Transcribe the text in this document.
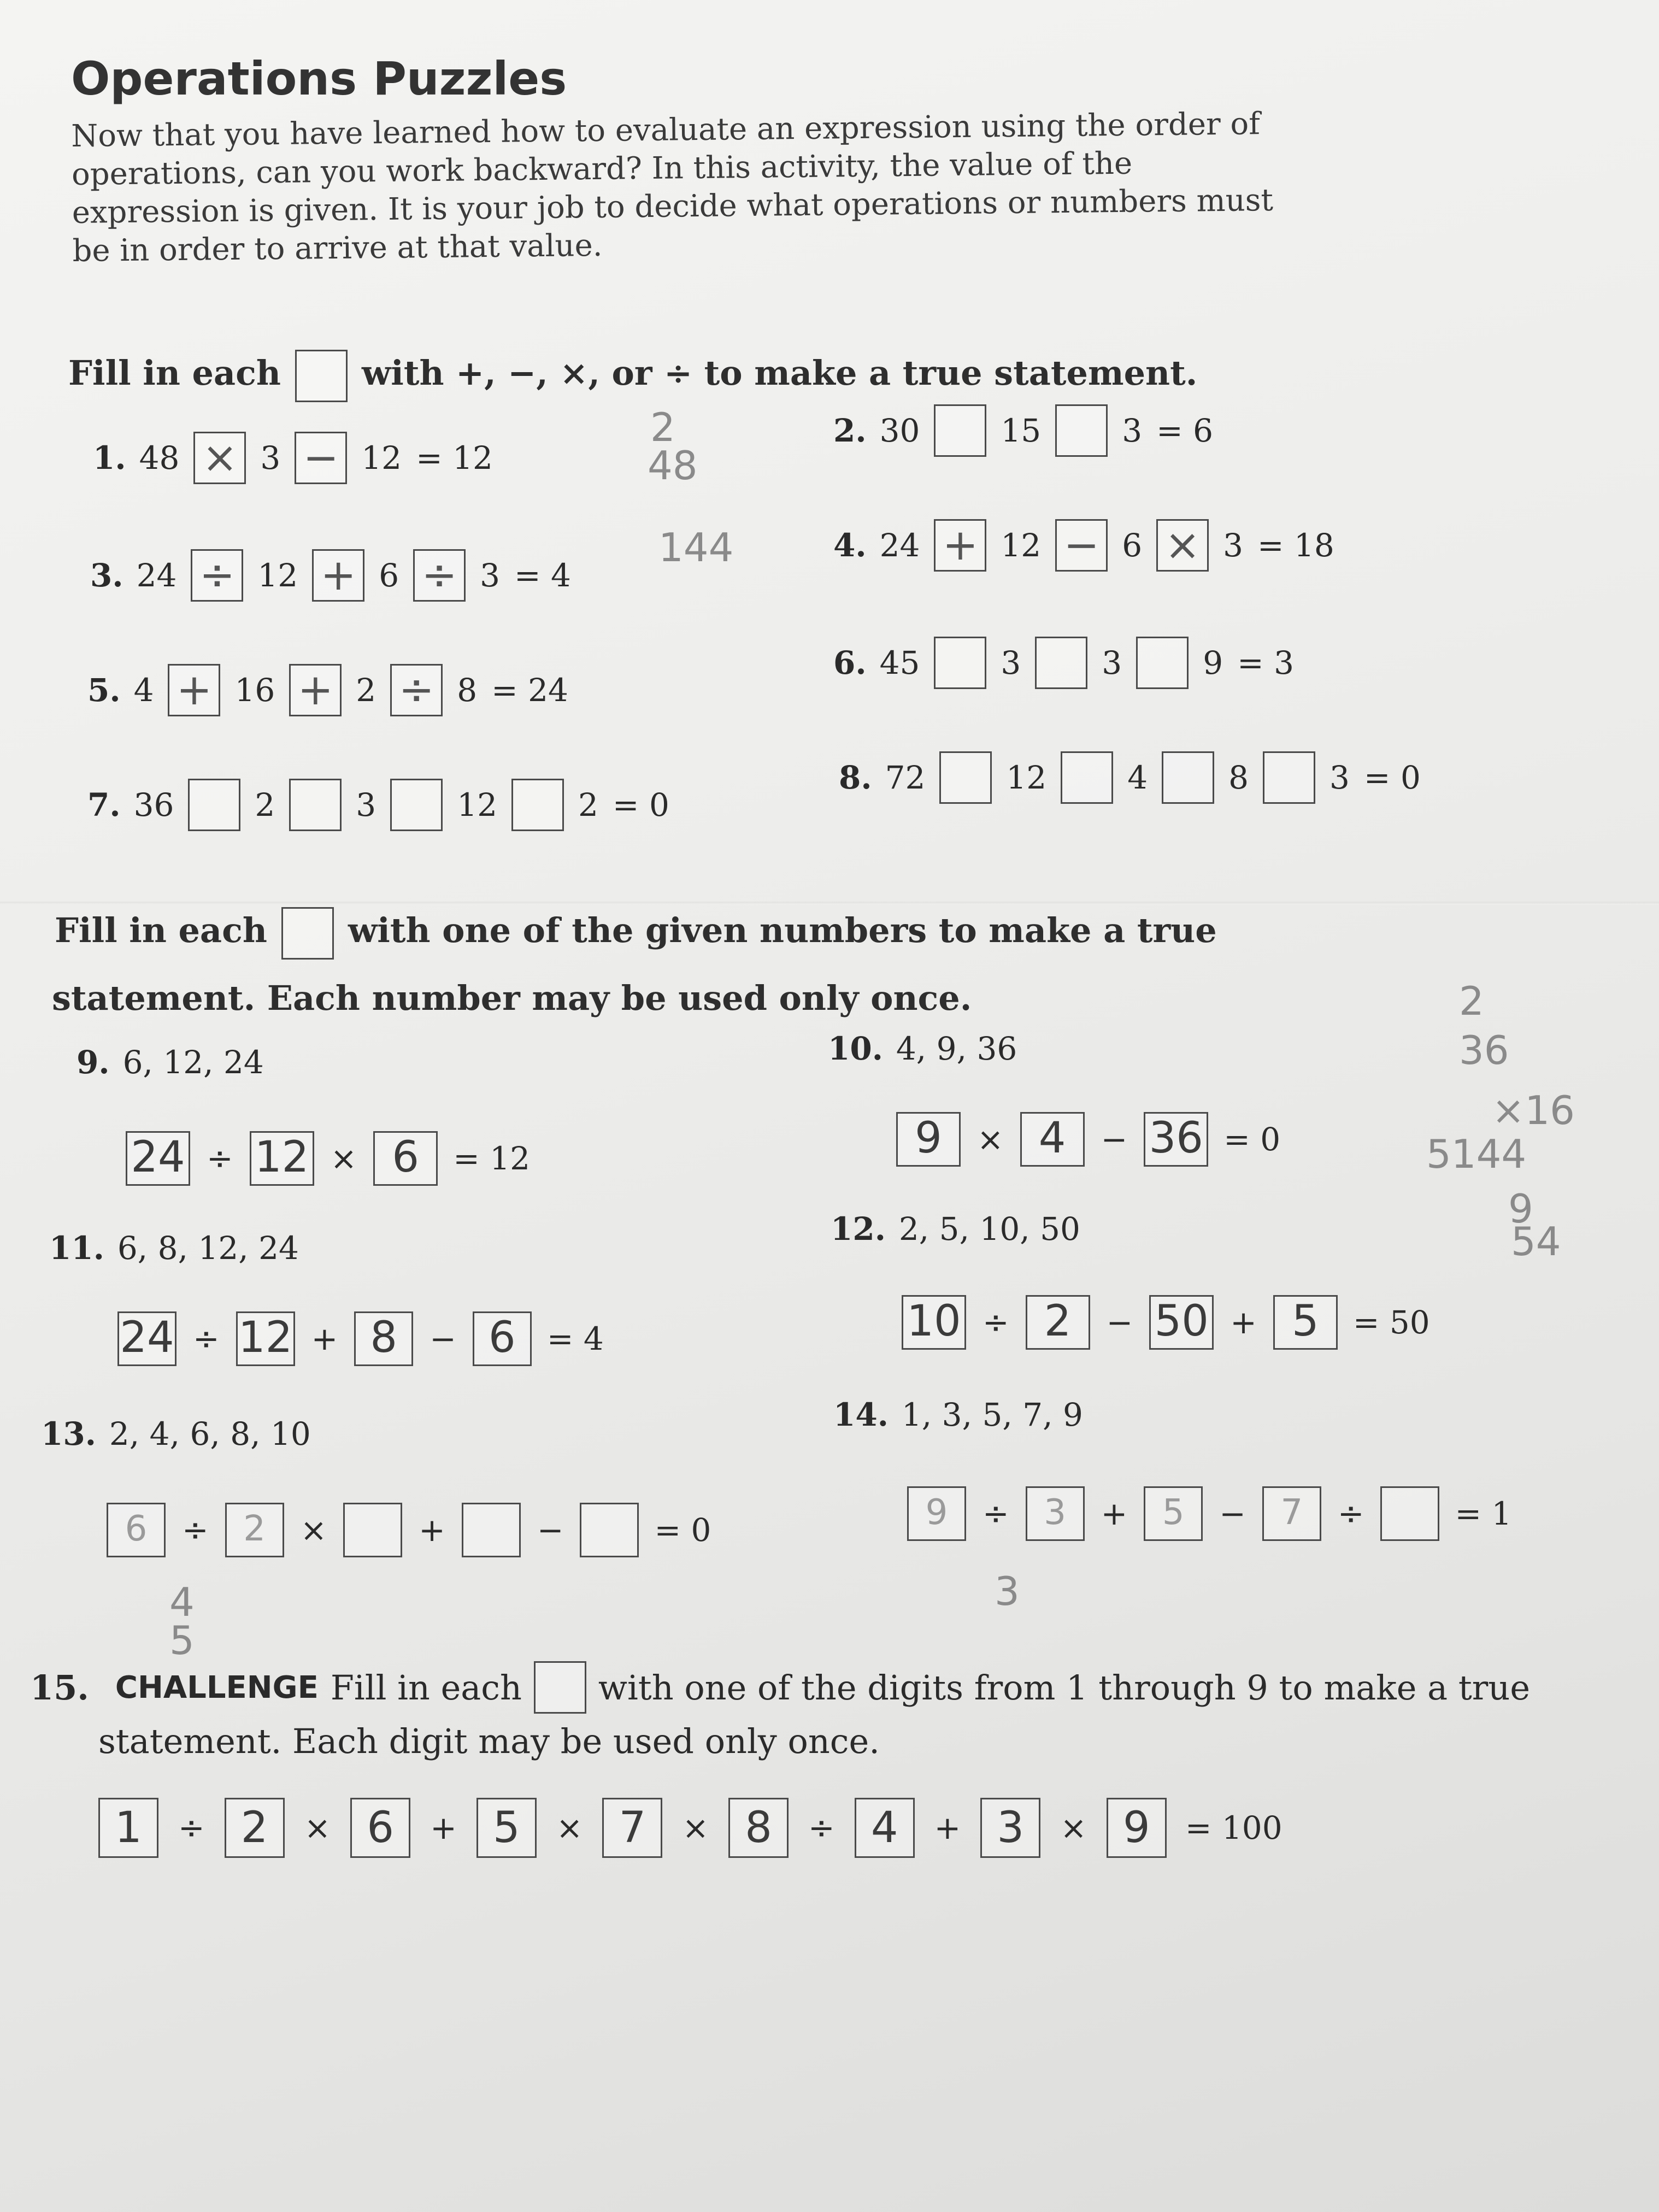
Operations Puzzles

Now that you have learned how to evaluate an expression using the order of operations, can you work backward? In this activity, the value of the expression is given. It is your job to decide what operations or numbers must be in order to arrive at that value.

Fill in each with +, −, ×, or ÷ to make a true statement.
1. 48 × 3 − 12 = 12
2. 30	15	3 = 6
3. 24 ÷ 12 + 6 ÷ 3 = 4
4. 24 + 12 − 6 × 3 = 18
5. 4 + 16 + 2 ÷ 8 = 24
6. 45	3	3	9 = 3
7. 36	2	3	12	2 = 0
8. 72	12	4	8	3 = 0
Fill in each with one of the given numbers to make a true
statement. Each number may be used only once.
9. 6, 12, 24
24 ÷ 12 × 6	= 12
10. 4, 9, 36
9	× 4	− 36 = 0
11. 6, 8, 12, 24
24 ÷ 12 + 8	− 6 = 4
12. 2, 5, 10, 50
10 ÷ 2	− 50 + 5	= 50
13. 2, 4, 6, 8, 10
6	÷ 2	×	+	−	= 0
14. 1, 3, 5, 7, 9
9	÷ 3	+ 5	− 7	÷	= 1
15. CHALLENGE Fill in each with one of the digits from 1 through 9 to make a true
statement. Each digit may be used only once.
1	÷ 2	× 6	+ 5	× 7	× 8	÷ 4	+ 3	× 9	= 100
2
48
144
2
36
×16
5144
9
54
3
4
5
